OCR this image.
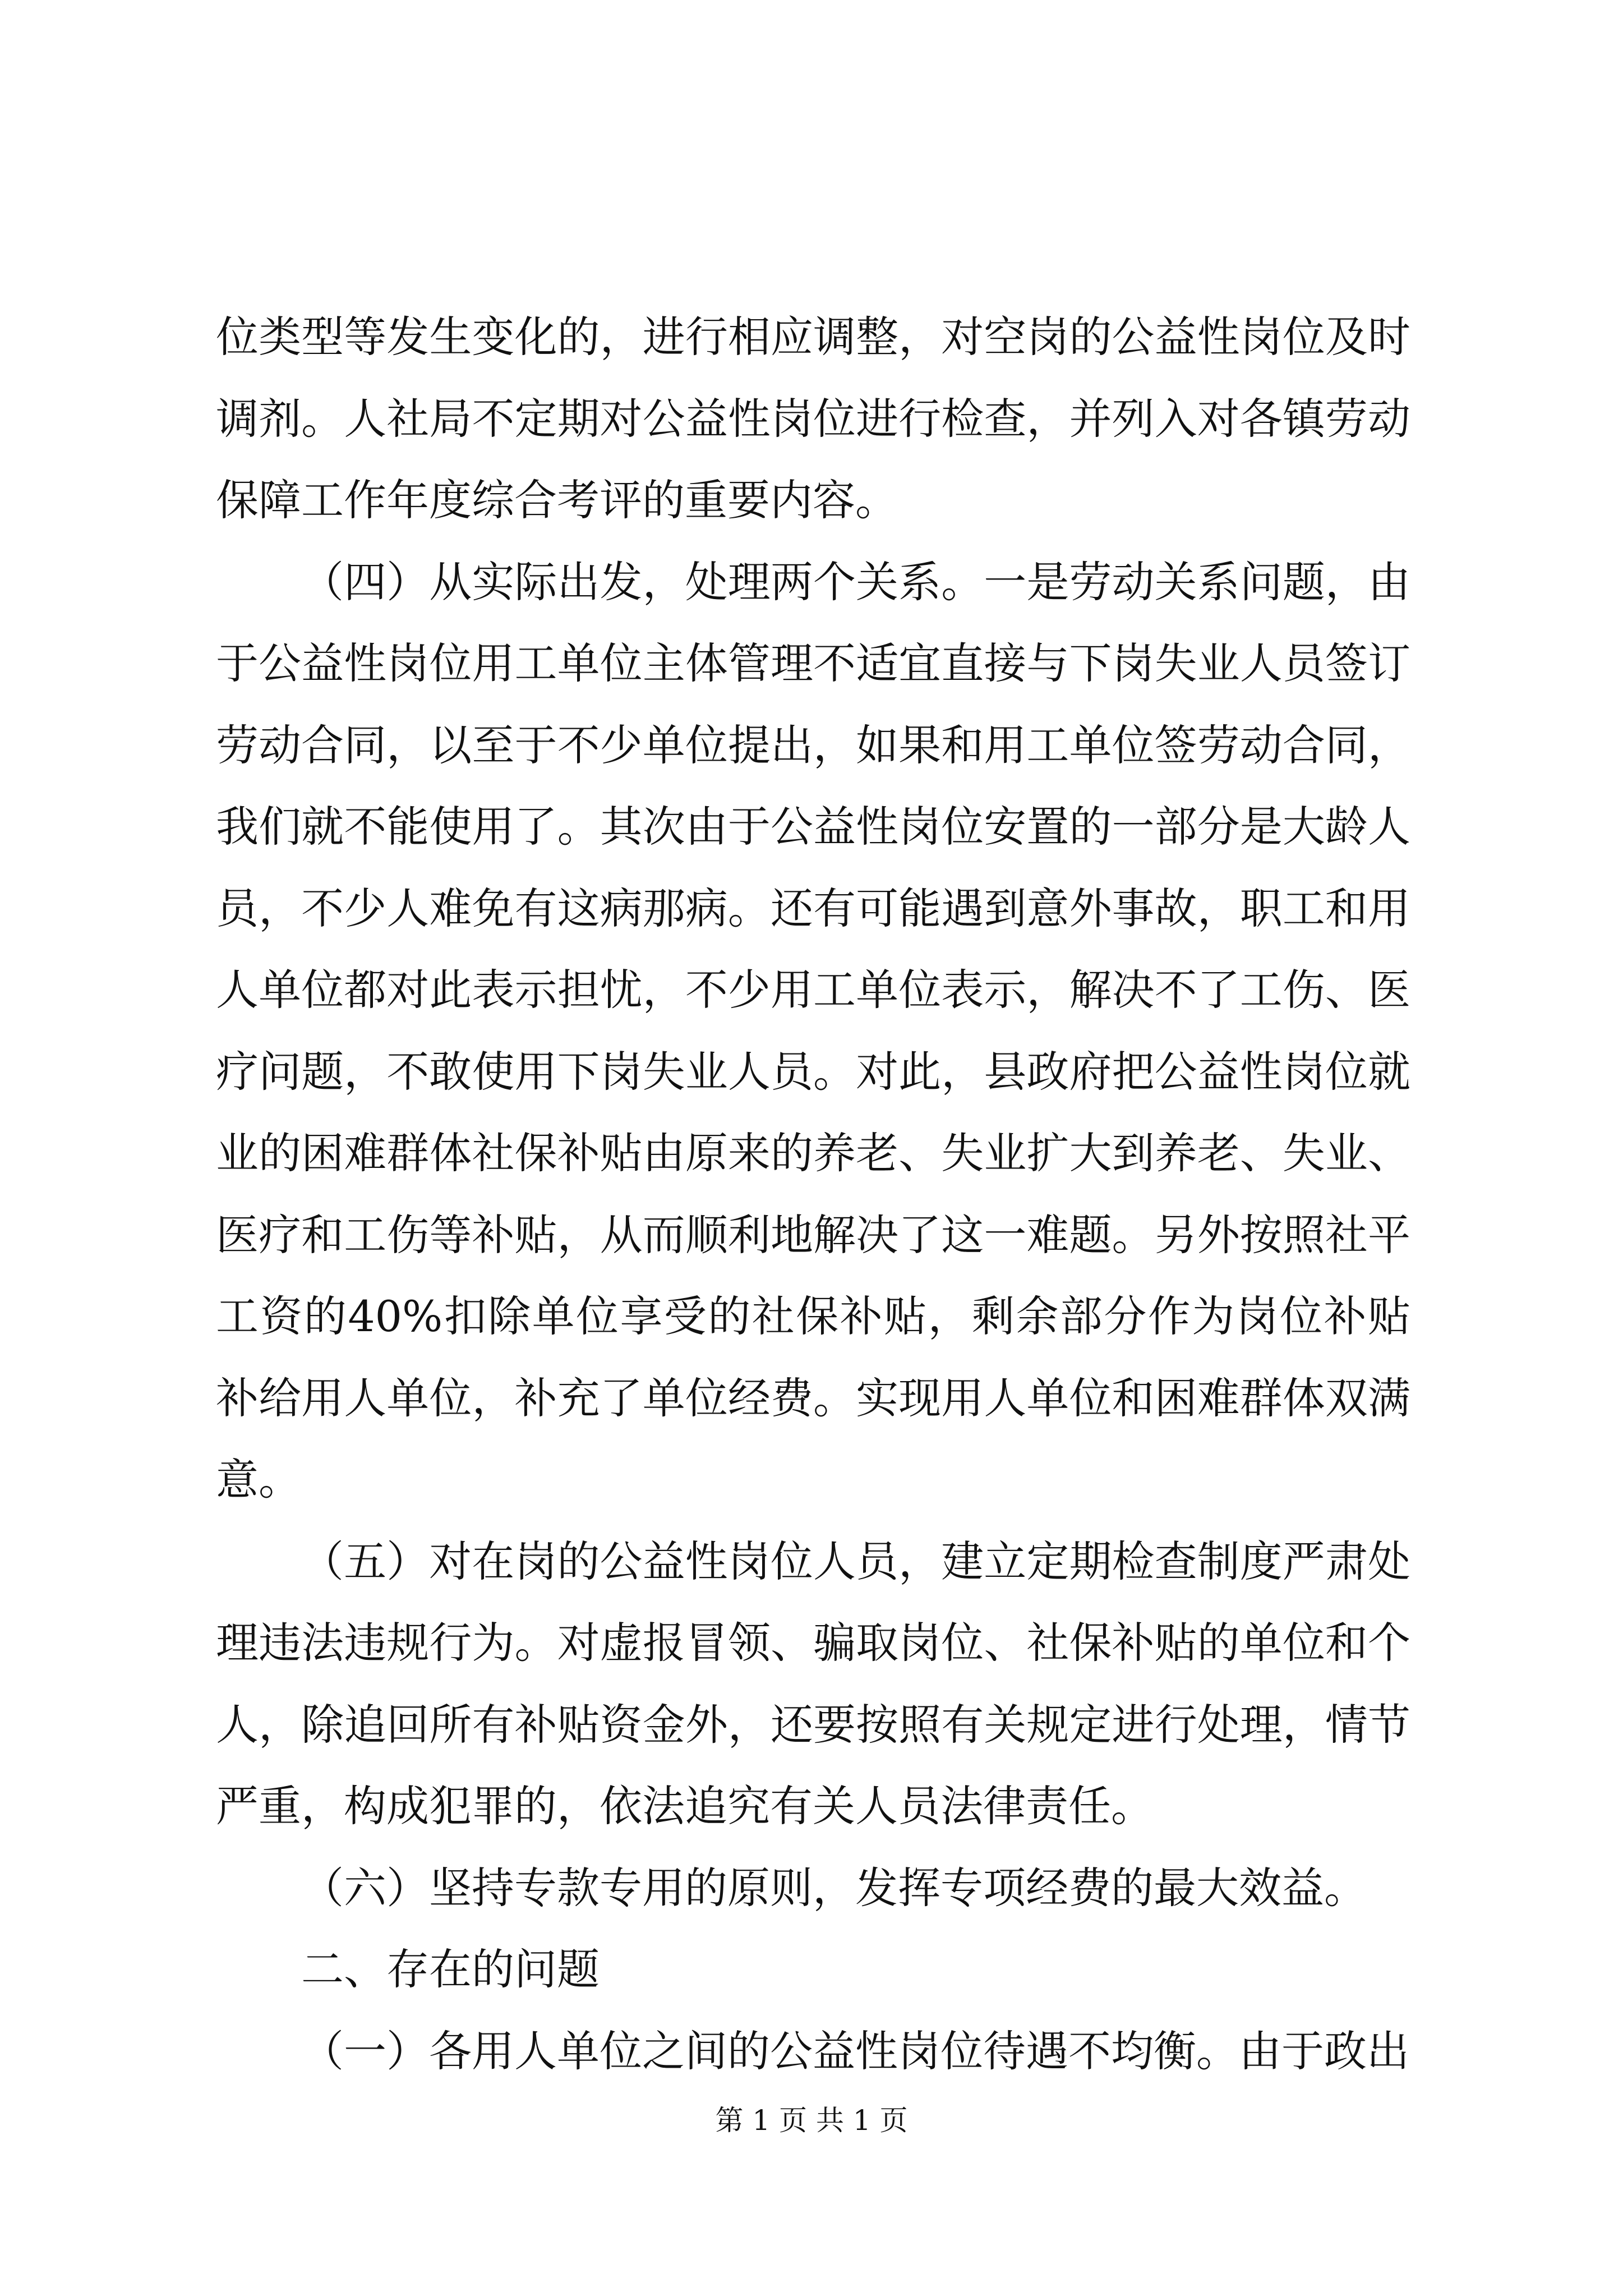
位类型等发生变化的，进行相应调整，对空岗的公益性岗位及时调剂。人社局不定期对公益性岗位进行检查，并列入对各镇劳动保障工作年度综合考评的重要内容。

（四）从实际出发，处理两个关系。一是劳动关系问题，由于公益性岗位用工单位主体管理不适宜直接与下岗失业人员签订劳动合同，以至于不少单位提出，如果和用工单位签劳动合同，我们就不能使用了。其次由于公益性岗位安置的一部分是大龄人员，不少人难免有这病那病。还有可能遇到意外事故，职工和用人单位都对此表示担忧，不少用工单位表示，解决不了工伤、医疗问题，不敢使用下岗失业人员。对此，县政府把公益性岗位就业的困难群体社保补贴由原来的养老、失业扩大到养老、失业、医疗和工伤等补贴，从而顺利地解决了这一难题。另外按照社平工资的40%扣除单位享受的社保补贴，剩余部分作为岗位补贴补给用人单位，补充了单位经费。实现用人单位和困难群体双满意。

（五）对在岗的公益性岗位人员，建立定期检查制度严肃处理违法违规行为。对虚报冒领、骗取岗位、社保补贴的单位和个人，除追回所有补贴资金外，还要按照有关规定进行处理，情节严重，构成犯罪的，依法追究有关人员法律责任。

（六）坚持专款专用的原则，发挥专项经费的最大效益。

二、存在的问题

（一）各用人单位之间的公益性岗位待遇不均衡。由于政出

第 1 页 共 1 页
